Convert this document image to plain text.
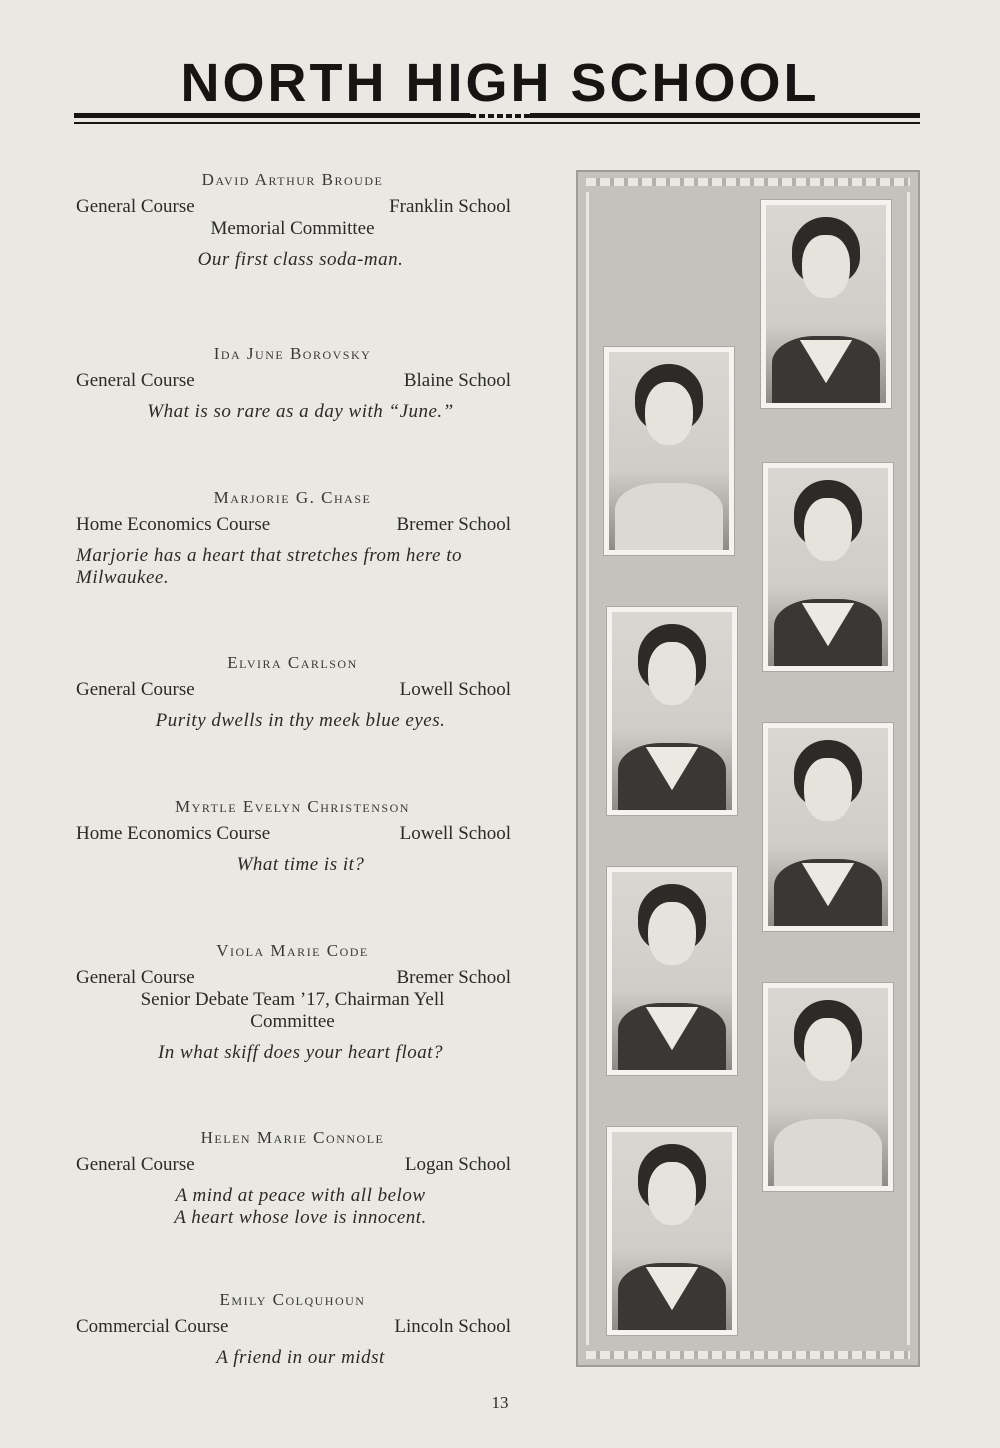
NORTH HIGH SCHOOL
David Arthur Broude
General Course	Franklin School
Memorial Committee
Our first class soda-man.
Ida June Borovsky
General Course	Blaine School
What is so rare as a day with “June.”
Marjorie G. Chase
Home Economics Course	Bremer School
Marjorie has a heart that stretches from here to Milwaukee.
Elvira Carlson
General Course	Lowell School
Purity dwells in thy meek blue eyes.
Myrtle Evelyn Christenson
Home Economics Course	Lowell School
What time is it?
Viola Marie Code
General Course	Bremer School
Senior Debate Team ’17, Chairman Yell Committee
In what skiff does your heart float?
Helen Marie Connole
General Course	Logan School
A mind at peace with all below
A heart whose love is innocent.
Emily Colquhoun
Commercial Course	Lincoln School
A friend in our midst
13
